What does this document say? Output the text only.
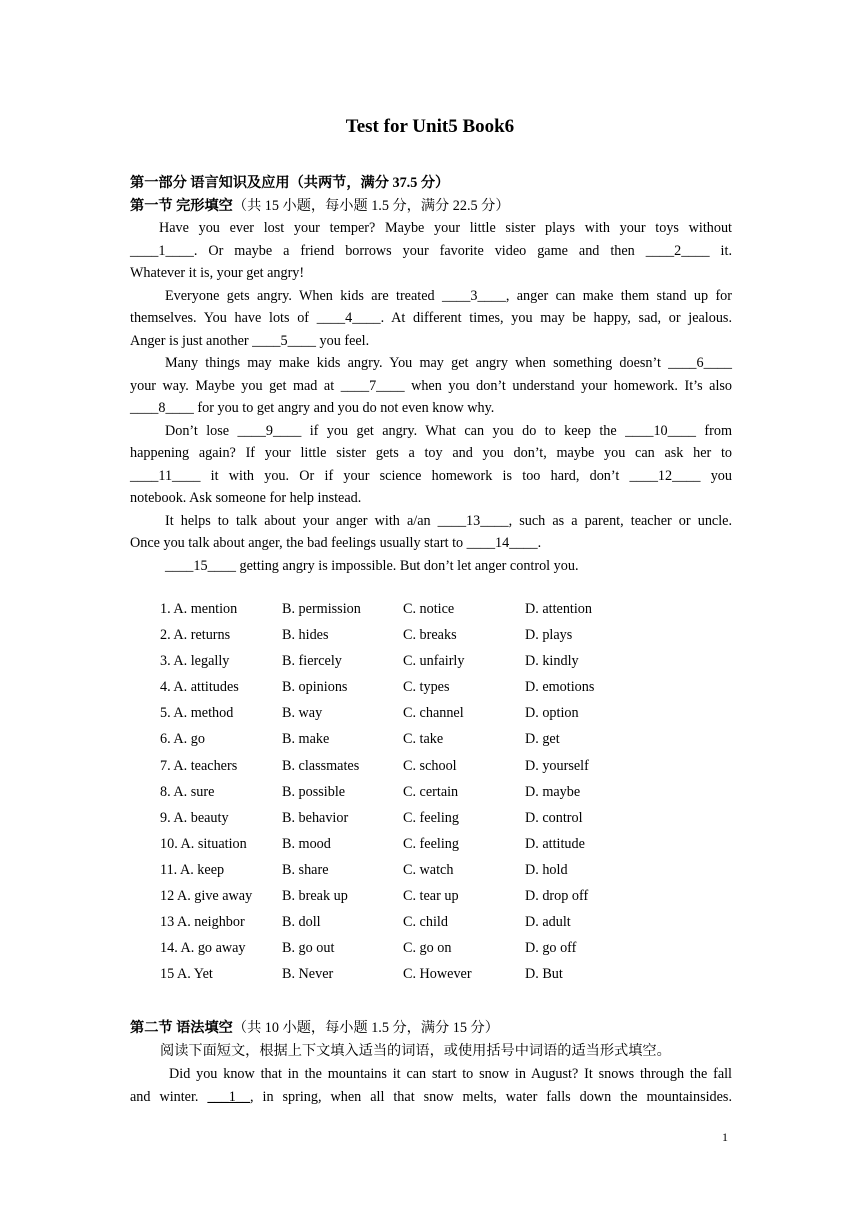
Test for Unit5 Book6
第一部分 语言知识及应用（共两节，满分 37.5 分）
第一节 完形填空（共 15 小题，每小题 1.5 分，满分 22.5 分）
Have you ever lost your temper? Maybe your little sister plays with your toys without
____1____. Or maybe a friend borrows your favorite video game and then ____2____ it.
Whatever it is, your get angry!
Everyone gets angry. When kids are treated ____3____, anger can make them stand up for
themselves. You have lots of ____4____. At different times, you may be happy, sad, or jealous.
Anger is just another ____5____ you feel.
Many things may make kids angry. You may get angry when something doesn’t ____6____
your way. Maybe you get mad at ____7____ when you don’t understand your homework. It’s also
____8____ for you to get angry and you do not even know why.
Don’t lose ____9____ if you get angry. What can you do to keep the ____10____ from
happening again? If your little sister gets a toy and you don’t, maybe you can ask her to
____11____ it with you. Or if your science homework is too hard, don’t ____12____ you
notebook. Ask someone for help instead.
It helps to talk about your anger with a/an ____13____, such as a parent, teacher or uncle.
Once you talk about anger, the bad feelings usually start to ____14____.
____15____ getting angry is impossible. But don’t let anger control you.
1. A. mention	B. permission	C. notice	D. attention
2. A. returns	B. hides	C. breaks	D. plays
3. A. legally	B. fiercely	C. unfairly	D. kindly
4. A. attitudes	B. opinions	C. types	D. emotions
5. A. method	B. way	C. channel	D. option
6. A. go	B. make	C. take	D. get
7. A. teachers	B. classmates	C. school	D. yourself
8. A. sure	B. possible	C. certain	D. maybe
9. A. beauty	B. behavior	C. feeling	D. control
10. A. situation	B. mood	C. feeling	D. attitude
11. A. keep	B. share	C. watch	D. hold
12 A. give away	B. break up	C. tear up	D. drop off
13 A. neighbor	B. doll	C. child	D. adult
14. A. go away	B. go out	C. go on	D. go off
15 A. Yet	B. Never	C. However	D. But
第二节 语法填空（共 10 小题，每小题 1.5 分，满分 15 分）
阅读下面短文，根据上下文填入适当的词语，或使用括号中词语的适当形式填空。
Did you know that in the mountains it can start to snow in August? It snows through the fall
and winter. ___1__, in spring, when all that snow melts, water falls down the mountainsides.
1
